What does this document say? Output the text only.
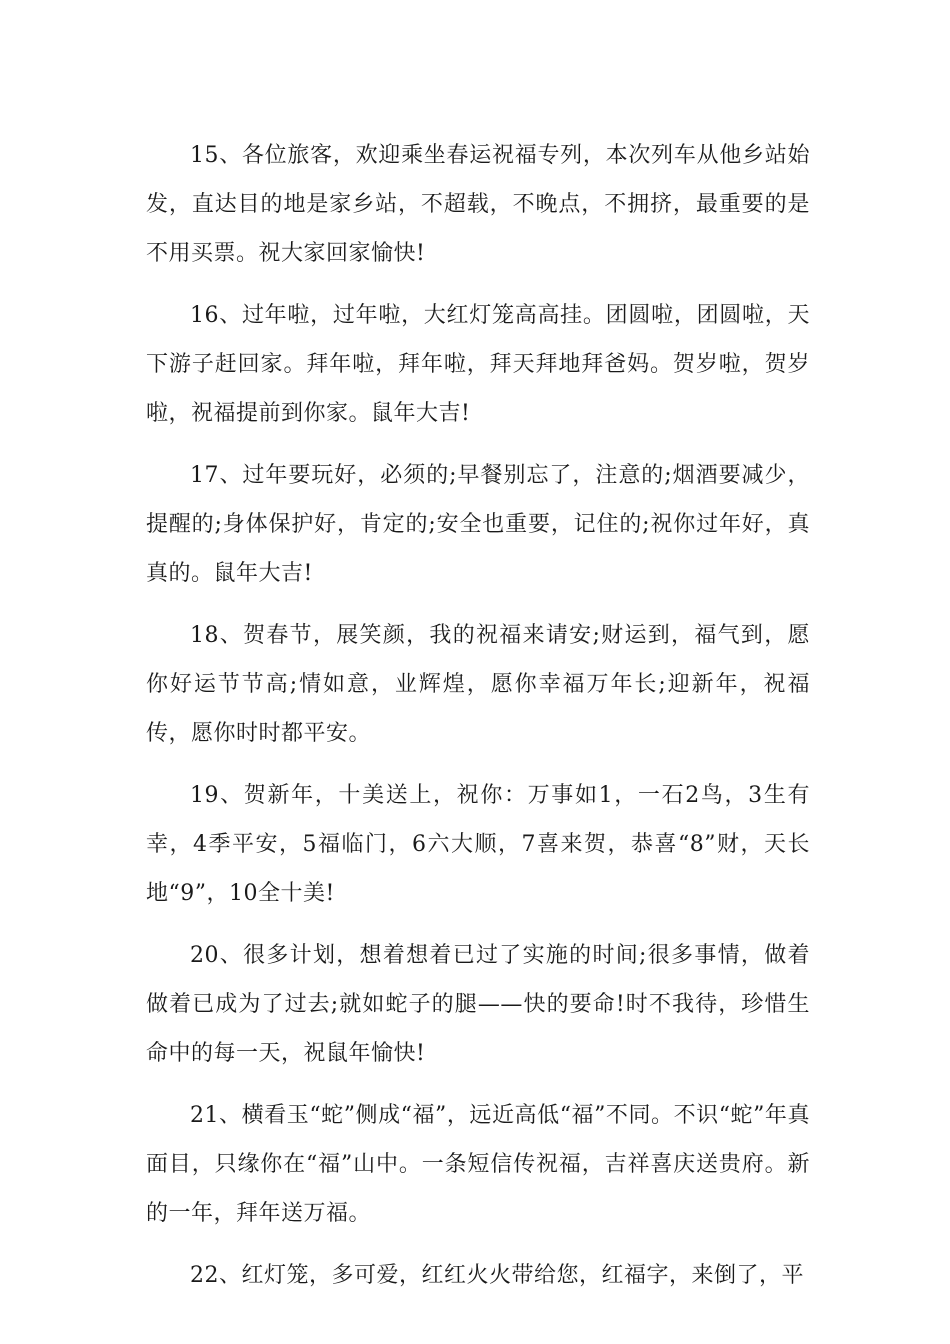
15、各位旅客，欢迎乘坐春运祝福专列，本次列车从他乡站始发，直达目的地是家乡站，不超载，不晚点，不拥挤，最重要的是不用买票。祝大家回家愉快!

16、过年啦，过年啦，大红灯笼高高挂。团圆啦，团圆啦，天下游子赶回家。拜年啦，拜年啦，拜天拜地拜爸妈。贺岁啦，贺岁啦，祝福提前到你家。鼠年大吉!

17、过年要玩好，必须的;早餐别忘了，注意的;烟酒要减少，提醒的;身体保护好，肯定的;安全也重要，记住的;祝你过年好，真真的。鼠年大吉!

18、贺春节，展笑颜，我的祝福来请安;财运到，福气到，愿你好运节节高;情如意，业辉煌，愿你幸福万年长;迎新年，祝福传，愿你时时都平安。

19、贺新年，十美送上，祝你：万事如1，一石2鸟，3生有幸，4季平安，5福临门，6六大顺，7喜来贺，恭喜“8”财，天长地“9”，10全十美!

20、很多计划，想着想着已过了实施的时间;很多事情，做着做着已成为了过去;就如蛇子的腿——快的要命!时不我待，珍惜生命中的每一天，祝鼠年愉快!

21、横看玉“蛇”侧成“福”，远近高低“福”不同。不识“蛇”年真面目，只缘你在“福”山中。一条短信传祝福，吉祥喜庆送贵府。新的一年，拜年送万福。

22、红灯笼，多可爱，红红火火带给您，红福字，来倒了，平
